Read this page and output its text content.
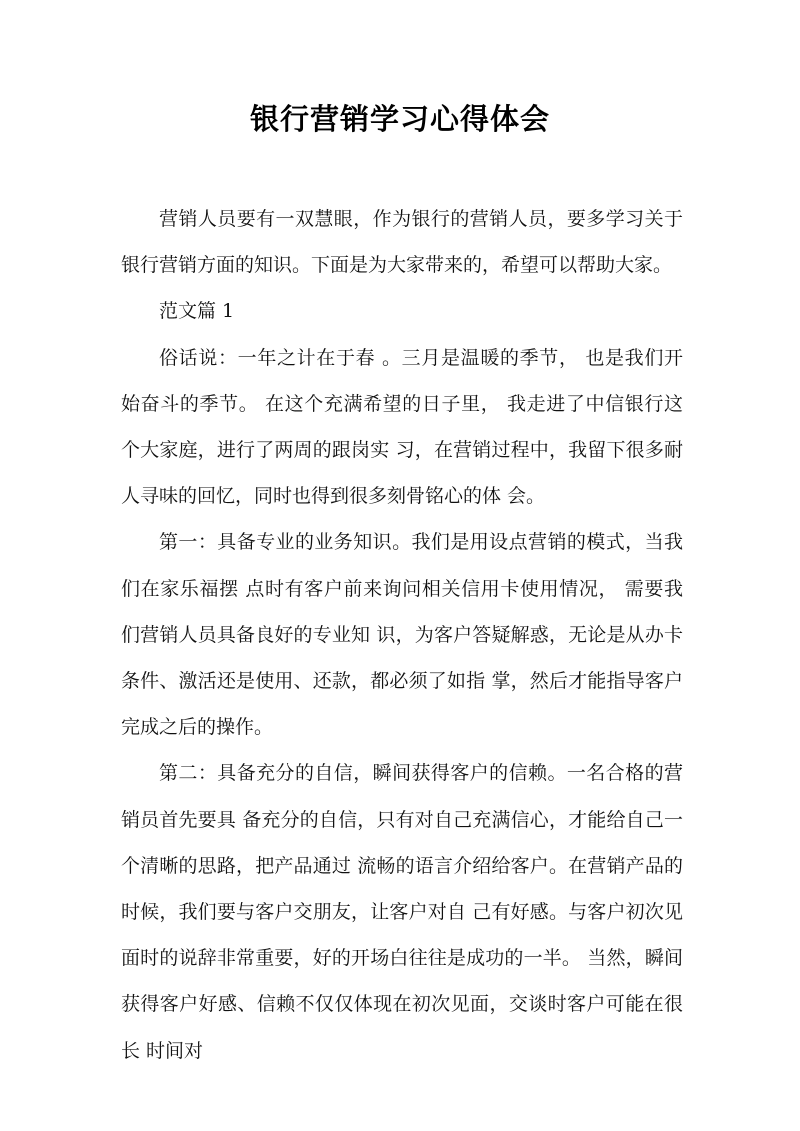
银行营销学习心得体会

营销人员要有一双慧眼，作为银行的营销人员，要多学习关于银行营销方面的知识。下面是为大家带来的，希望可以帮助大家。

范文篇 1

俗话说：一年之计在于春 。三月是温暖的季节， 也是我们开始奋斗的季节。 在这个充满希望的日子里， 我走进了中信银行这个大家庭，进行了两周的跟岗实 习，在营销过程中，我留下很多耐人寻味的回忆，同时也得到很多刻骨铭心的体 会。

第一：具备专业的业务知识。我们是用设点营销的模式，当我们在家乐福摆 点时有客户前来询问相关信用卡使用情况， 需要我们营销人员具备良好的专业知 识，为客户答疑解惑，无论是从办卡条件、激活还是使用、还款，都必须了如指 掌，然后才能指导客户完成之后的操作。

第二：具备充分的自信，瞬间获得客户的信赖。一名合格的营销员首先要具 备充分的自信，只有对自己充满信心，才能给自己一个清晰的思路，把产品通过 流畅的语言介绍给客户。在营销产品的时候，我们要与客户交朋友，让客户对自 己有好感。与客户初次见面时的说辞非常重要，好的开场白往往是成功的一半。 当然，瞬间获得客户好感、信赖不仅仅体现在初次见面，交谈时客户可能在很长 时间对
